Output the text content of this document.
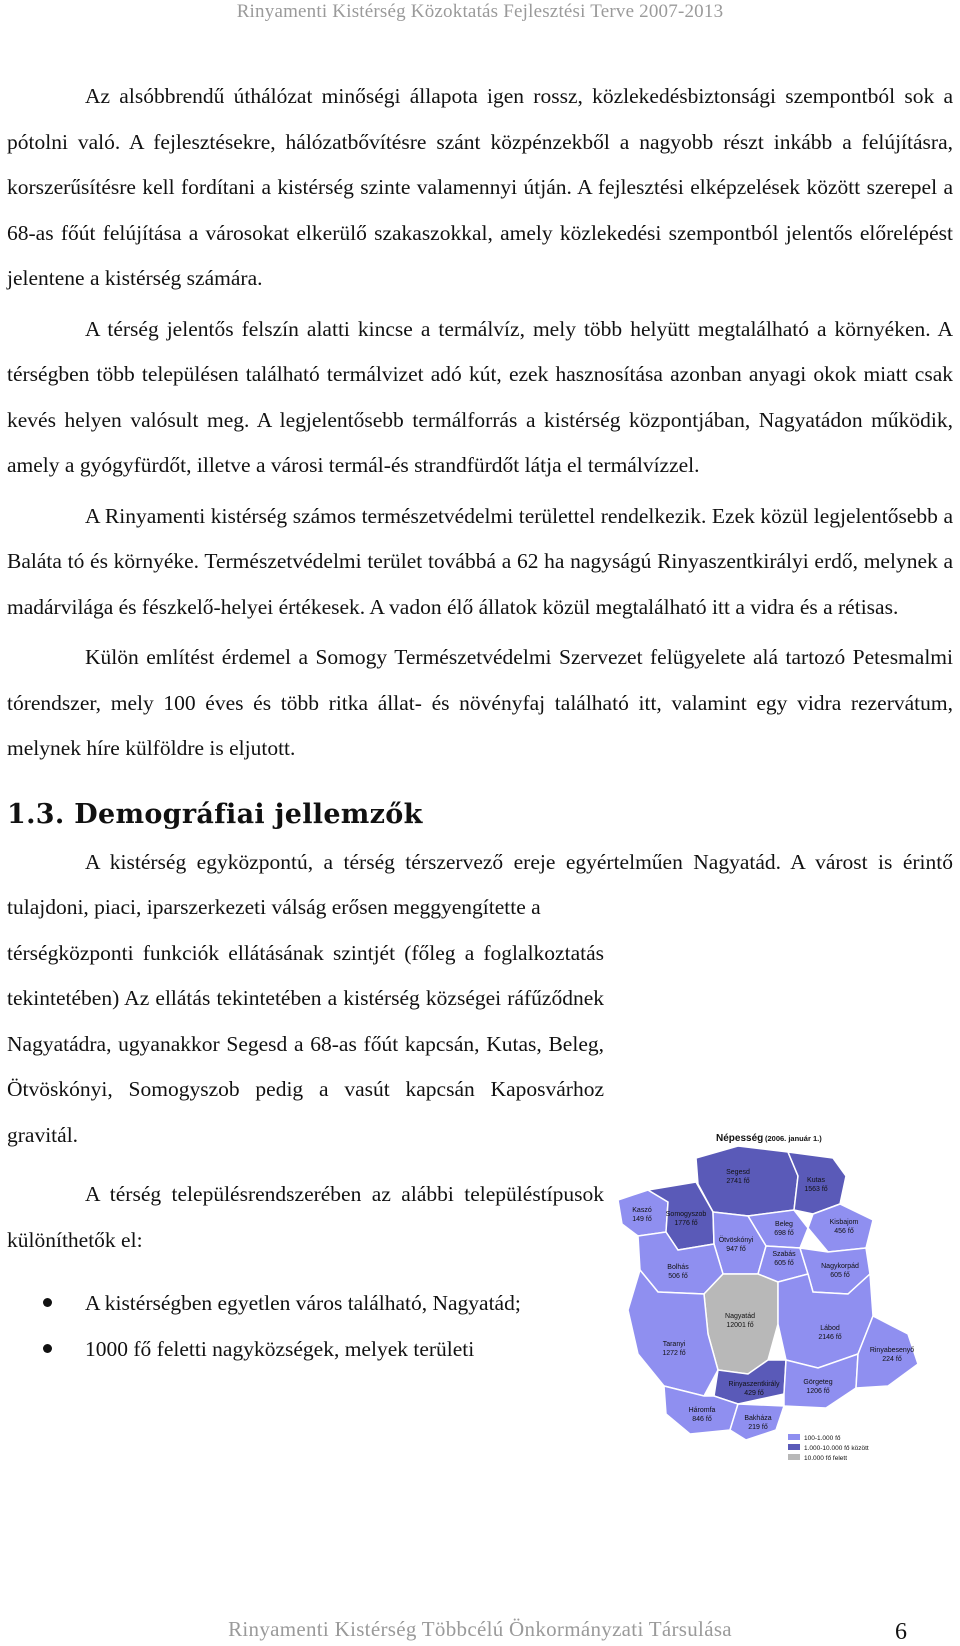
Rinyamenti Kistérség Közoktatás Fejlesztési Terve 2007-2013

Az alsóbbrendű úthálózat minőségi állapota igen rossz, közlekedésbiztonsági szempontból sok a pótolni való. A fejlesztésekre, hálózatbővítésre szánt közpénzekből a nagyobb részt inkább a felújításra, korszerűsítésre kell fordítani a kistérség szinte valamennyi útján. A fejlesztési elképzelések között szerepel a 68-as főút felújítása a városokat elkerülő szakaszokkal, amely közlekedési szempontból jelentős előrelépést jelentene a kistérség számára.

A térség jelentős felszín alatti kincse a termálvíz, mely több helyütt megtalálható a környéken. A térségben több településen található termálvizet adó kút, ezek hasznosítása azonban anyagi okok miatt csak kevés helyen valósult meg. A legjelentősebb termálforrás a kistérség központjában, Nagyatádon működik, amely a gyógyfürdőt, illetve a városi termál-és strandfürdőt látja el termálvízzel.

A Rinyamenti kistérség számos természetvédelmi területtel rendelkezik. Ezek közül legjelentősebb a Baláta tó és környéke. Természetvédelmi terület továbbá a 62 ha nagyságú Rinyaszentkirályi erdő, melynek a madárvilága és fészkelő-helyei értékesek. A vadon élő állatok közül megtalálható itt a vidra és a rétisas.

Külön említést érdemel a Somogy Természetvédelmi Szervezet felügyelete alá tartozó Petesmalmi tórendszer, mely 100 éves és több ritka állat- és növényfaj található itt, valamint egy vidra rezervátum, melynek híre külföldre is eljutott.

1.3. Demográfiai jellemzők

A kistérség egyközpontú, a térség térszervező ereje egyértelműen Nagyatád. A várost is érintő tulajdoni, piaci, iparszerkezeti válság erősen meggyengítette a

térségközponti funkciók ellátásának szintjét (főleg a foglalkoztatás tekintetében) Az ellátás tekintetében a kistérség községei ráfűződnek Nagyatádra, ugyanakkor Segesd a 68-as főút kapcsán, Kutas, Beleg, Ötvöskónyi, Somogyszob pedig a vasút kapcsán Kaposvárhoz gravitál.

A térség településrendszerében az alábbi településtípusok különíthetők el:

A kistérségben egyetlen város található, Nagyatád;
1000 fő feletti nagyközségek, melyek területi
Népesség (2006. január 1.)
Segesd
2741 fő	Kutas
1563 fő
Kaszó
149 fő
Somogyszob
1776 fő	Beleg
698 fő
Kisbajom
456 fő
Ötvöskónyi
947 fő
Szabás
605 fő
Bolhás
506 fő
Nagykorpád
605 fő
Nagyatád
12001 fő	Lábod
2146 fő
Taranyi
1272 fő
Rinyaszentkirály
429 fő
Görgeteg
1206 fő
Rinyabesenyő
224 fő
Háromfa
846 fő	Bakháza
219 fő
100-1.000 fő
1.000-10.000 fő között
10.000 fő felett
Rinyamenti Kistérség Többcélú Önkormányzati Társulása	6
